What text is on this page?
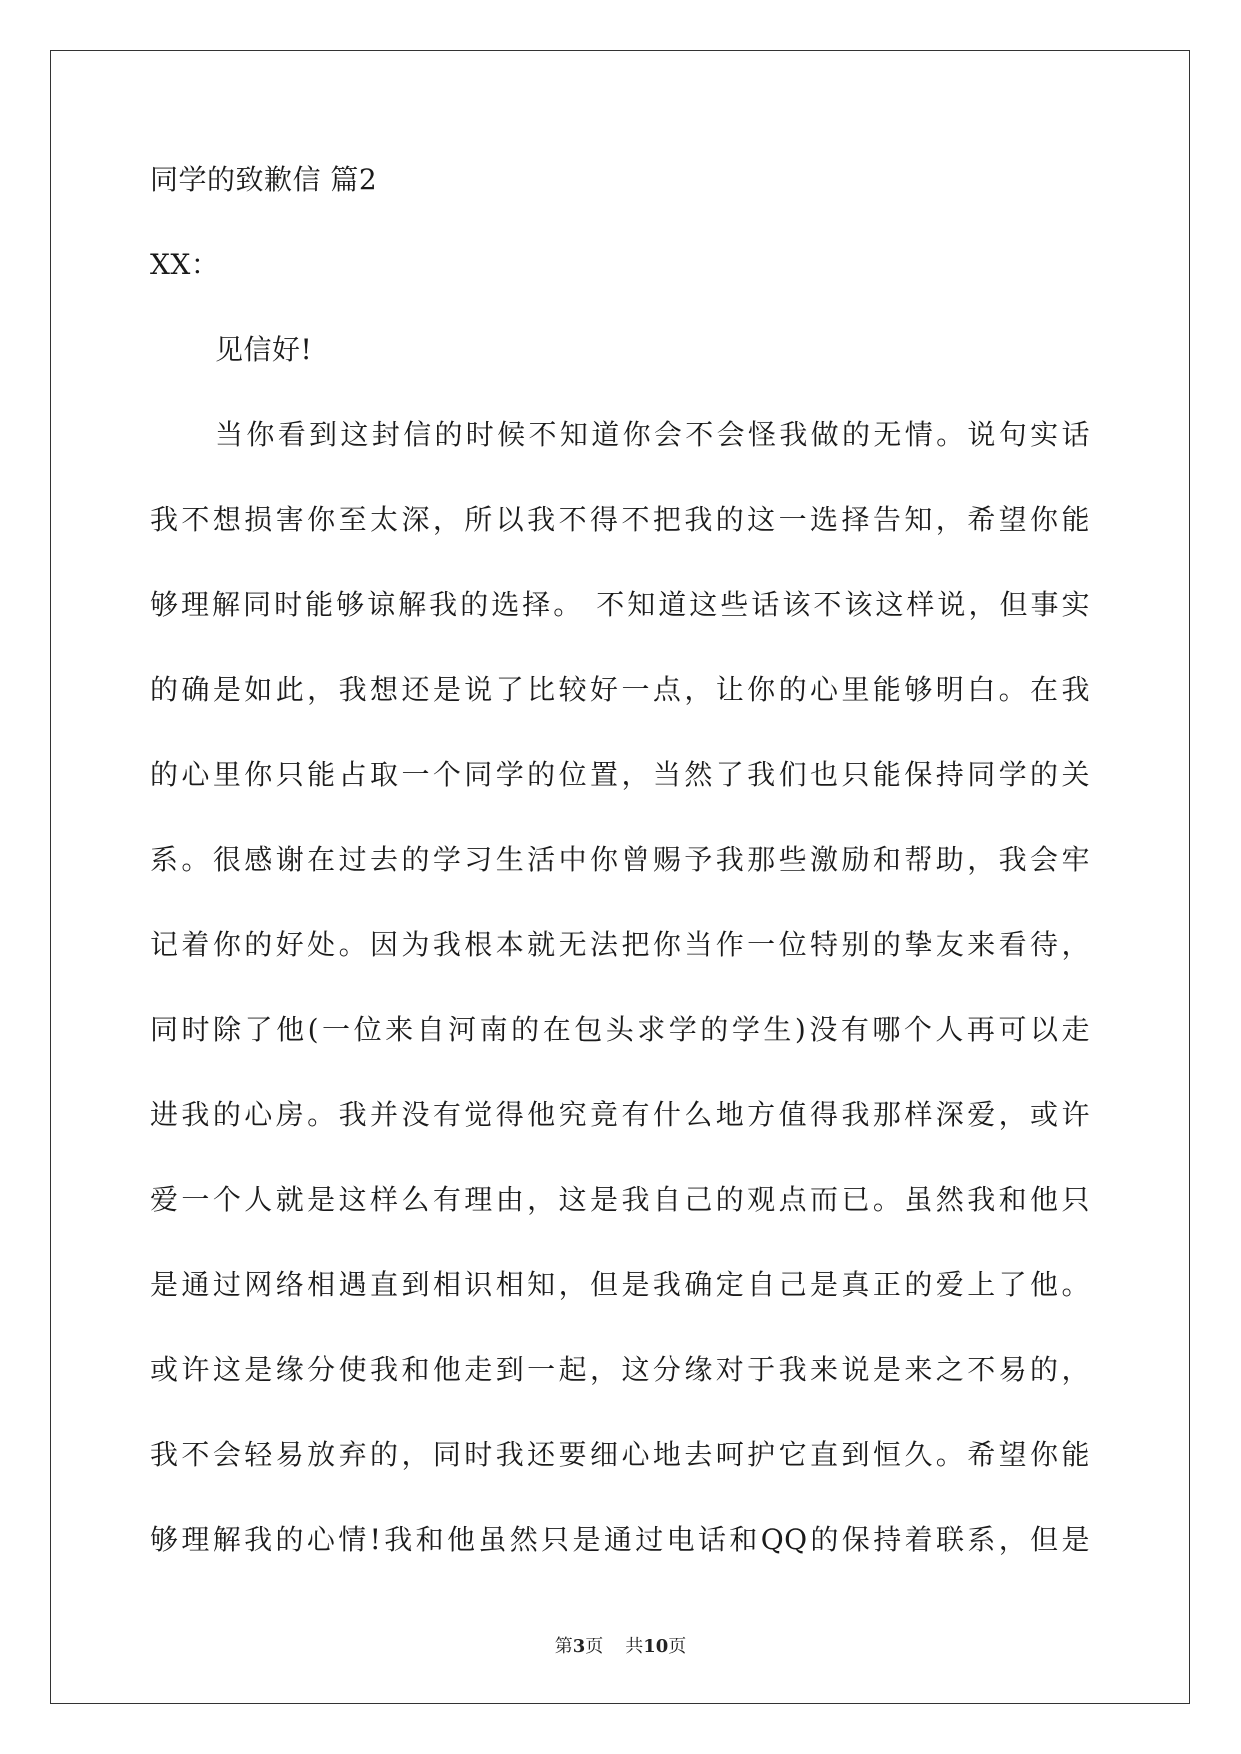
同学的致歉信 篇2
XX：
见信好!
当你看到这封信的时候不知道你会不会怪我做的无情。说句实话
我不想损害你至太深，所以我不得不把我的这一选择告知，希望你能
够理解同时能够谅解我的选择。 不知道这些话该不该这样说，但事实
的确是如此，我想还是说了比较好一点，让你的心里能够明白。在我
的心里你只能占取一个同学的位置，当然了我们也只能保持同学的关
系。很感谢在过去的学习生活中你曾赐予我那些激励和帮助，我会牢
记着你的好处。因为我根本就无法把你当作一位特别的挚友来看待，
同时除了他(一位来自河南的在包头求学的学生)没有哪个人再可以走
进我的心房。我并没有觉得他究竟有什么地方值得我那样深爱，或许
爱一个人就是这样么有理由，这是我自己的观点而已。虽然我和他只
是通过网络相遇直到相识相知，但是我确定自己是真正的爱上了他。
或许这是缘分使我和他走到一起，这分缘对于我来说是来之不易的，
我不会轻易放弃的，同时我还要细心地去呵护它直到恒久。希望你能
够理解我的心情!我和他虽然只是通过电话和QQ的保持着联系，但是
第3页 共10页
